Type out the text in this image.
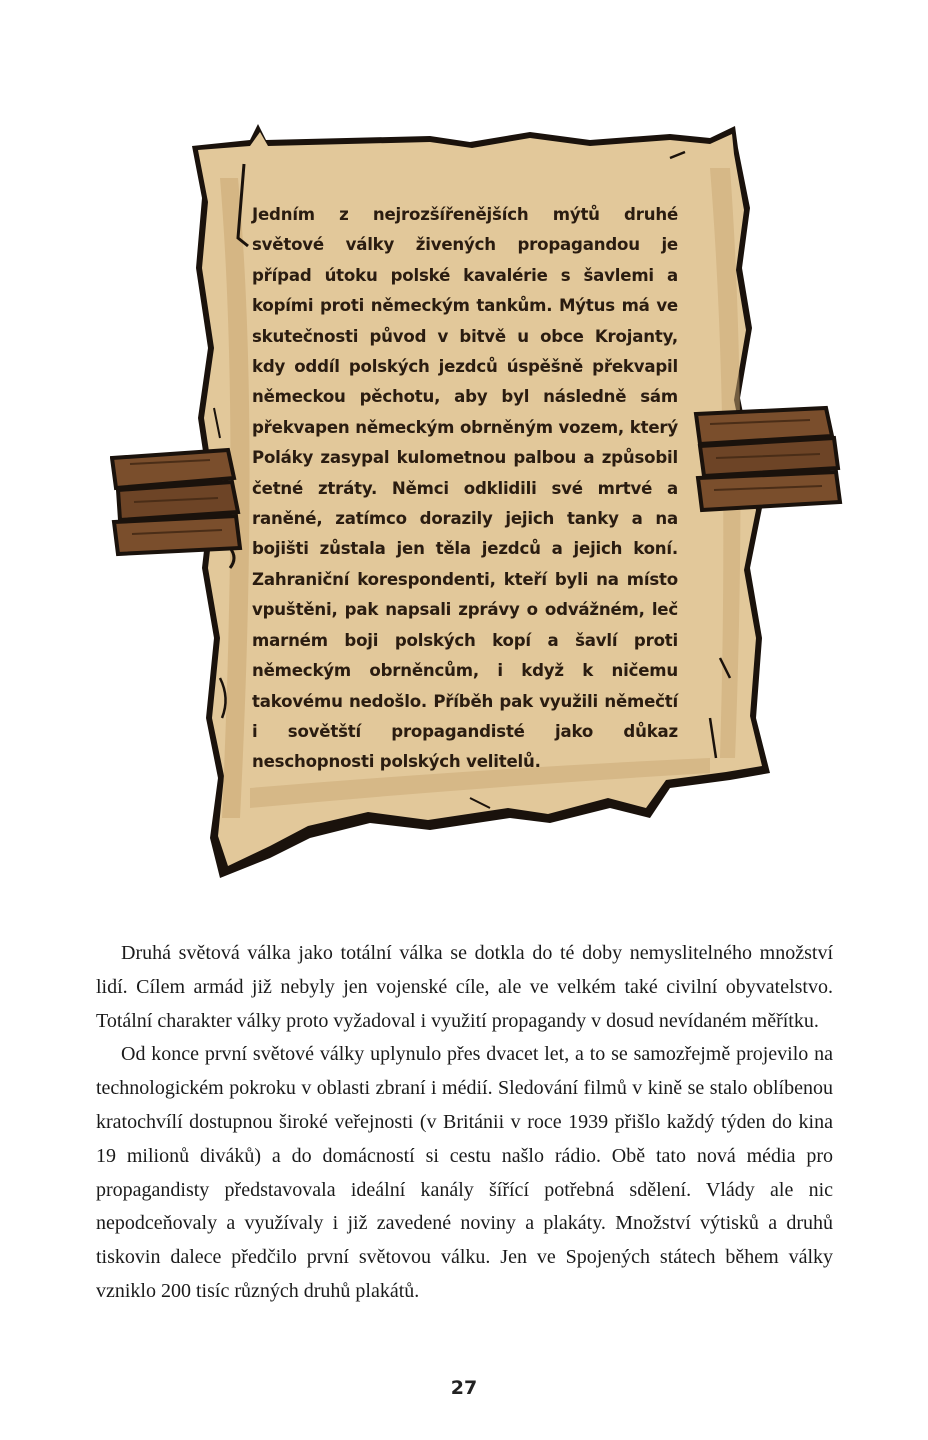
Jedním z nejrozšířenějších mýtů druhé světové války živených propagandou je případ útoku polské kavalérie s šavlemi a kopími proti německým tankům. Mýtus má ve skutečnosti původ v bitvě u obce Krojanty, kdy oddíl polských jezdců úspěšně překvapil německou pěchotu, aby byl následně sám překvapen německým obrněným vozem, který Poláky zasypal kulometnou palbou a způsobil četné ztráty. Němci odklidili své mrtvé a raněné, zatímco dorazily jejich tanky a na bojišti zůstala jen těla jezdců a jejich koní. Zahraniční korespondenti, kteří byli na místo vpuštěni, pak napsali zprávy o odvážném, leč marném boji polských kopí a šavlí proti německým obrněncům, i když k ničemu takovému nedošlo. Příběh pak využili němečtí i sovětští propagandisté jako důkaz neschopnosti polských velitelů.

Druhá světová válka jako totální válka se dotkla do té doby nemyslitelného množství lidí. Cílem armád již nebyly jen vojenské cíle, ale ve velkém také civilní obyvatelstvo. Totální charakter války proto vyžadoval i využití propagandy v dosud nevídaném měřítku.

Od konce první světové války uplynulo přes dvacet let, a to se samozřejmě projevilo na technologickém pokroku v oblasti zbraní i médií. Sledování filmů v kině se stalo oblíbenou kratochvílí dostupnou široké veřejnosti (v Británii v roce 1939 přišlo každý týden do kina 19 milionů diváků) a do domácností si cestu našlo rádio. Obě tato nová média pro propagandisty představovala ideální kanály šířící potřebná sdělení. Vlády ale nic nepodceňovaly a využívaly i již zavedené noviny a plakáty. Množství výtisků a druhů tiskovin dalece předčilo první světovou válku. Jen ve Spojených státech během války vzniklo 200 tisíc různých druhů plakátů.

27
